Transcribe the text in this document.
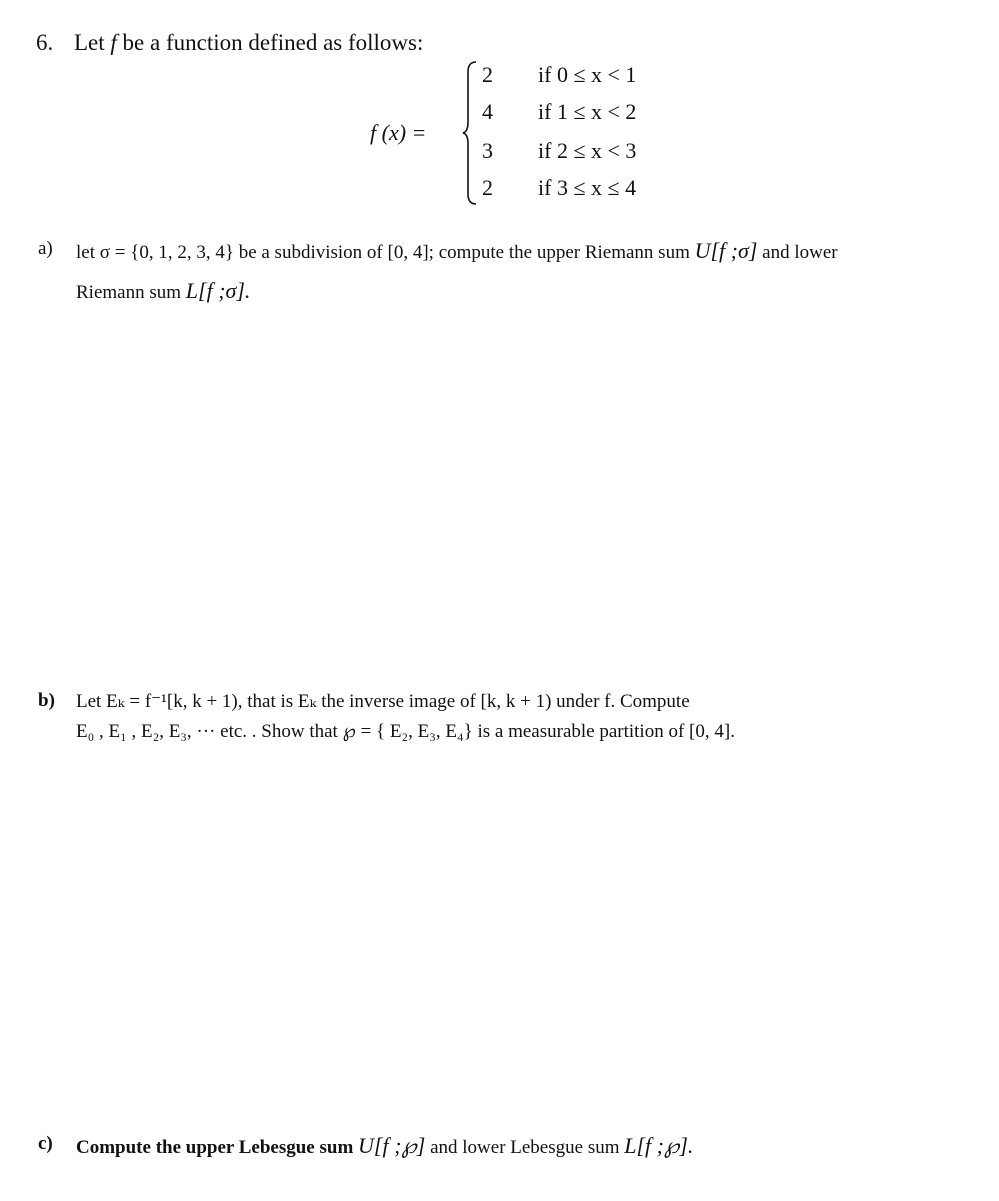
6. Let f be a function defined as follows:
f (x) =
2
4
3
2
if 0 ≤ x < 1
if 1 ≤ x < 2
if 2 ≤ x < 3
if 3 ≤ x ≤ 4
a) let σ = {0, 1, 2, 3, 4} be a subdivision of [0, 4]; compute the upper Riemann sum U[f ;σ] and lower
Riemann sum L[f ;σ].
b) Let Eₖ = f⁻¹[k, k + 1), that is Eₖ the inverse image of [k, k + 1) under f. Compute
E₀ , E₁ , E₂, E₃, ··· etc. . Show that ℘ = { E₂, E₃, E₄} is a measurable partition of [0, 4].
c) Compute the upper Lebesgue sum U[f ;℘] and lower Lebesgue sum L[f ;℘].
